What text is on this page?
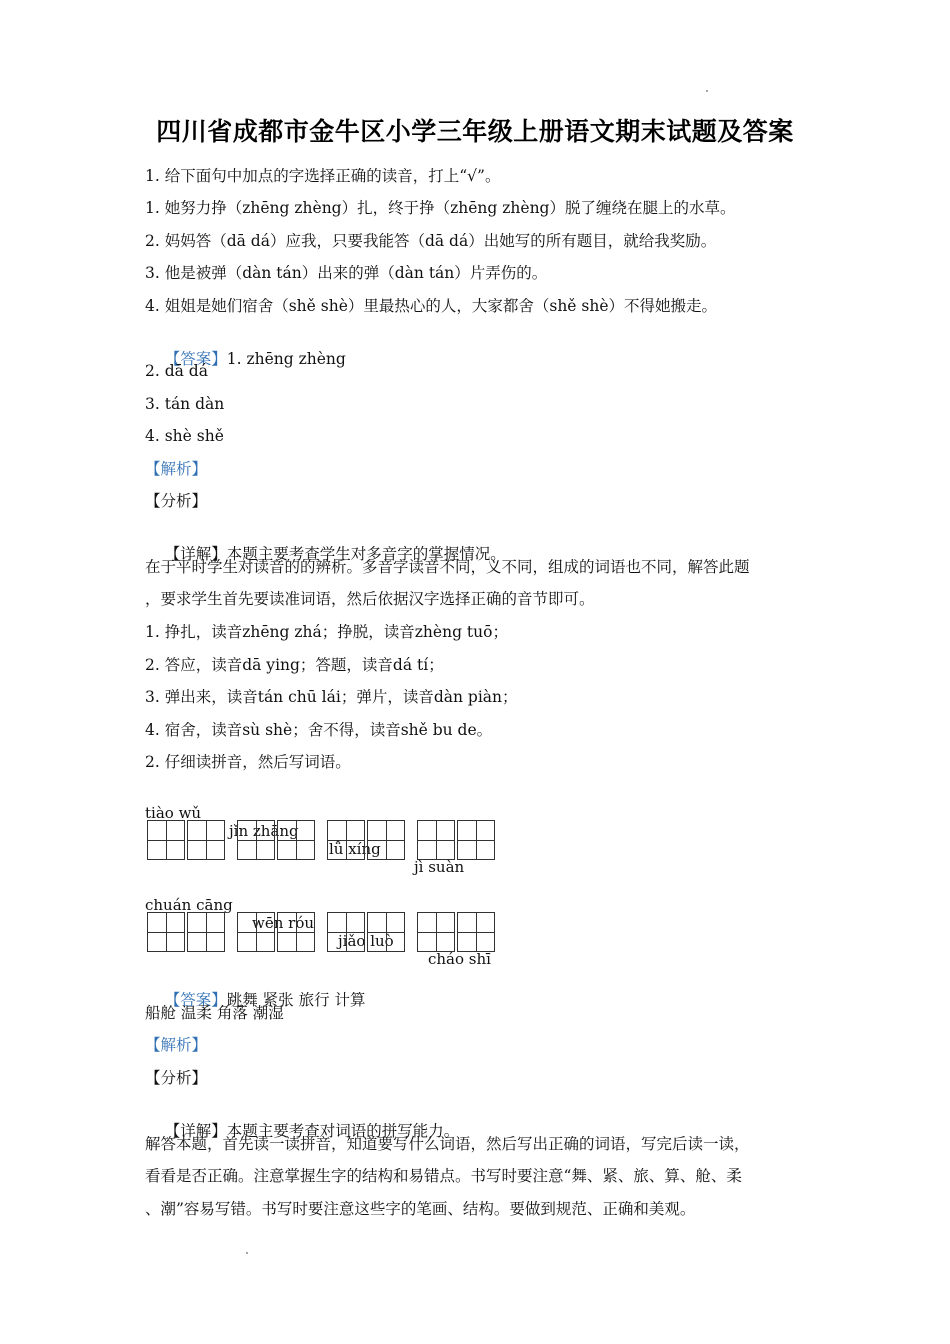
四川省成都市金牛区小学三年级上册语文期末试题及答案
1. 给下面句中加点的字选择正确的读音，打上“√”。
1. 她努力挣（zhēng zhèng）扎，终于挣（zhēng zhèng）脱了缠绕在腿上的水草。
2. 妈妈答（dā dá）应我，只要我能答（dā dá）出她写的所有题目，就给我奖励。
3. 他是被弹（dàn tán）出来的弹（dàn tán）片弄伤的。
4. 姐姐是她们宿舍（shě shè）里最热心的人，大家都舍（shě shè）不得她搬走。

【答案】1. zhēng zhèng

2. dā dá
3. tán dàn
4. shè shě
【解析】
【分析】

【详解】本题主要考查学生对多音字的掌握情况。

在于平时学生对读音的的辨析。多音字读音不同，义不同，组成的词语也不同，解答此题
，要求学生首先要读准词语，然后依据汉字选择正确的音节即可。
1. 挣扎，读音zhēng zhá；挣脱，读音zhèng tuō；
2. 答应，读音dā ying；答题，读音dá tí；
3. 弹出来，读音tán chū lái；弹片，读音dàn piàn；
4. 宿舍，读音sù shè；舍不得，读音shě bu de。
2. 仔细读拼音，然后写词语。

tiào wǔ

jǐn zhāng

lǚ xíng

jì suàn

chuán cāng

wēn róu

jiǎo luò

cháo shī

【答案】跳舞 紧张 旅行 计算

船舱 温柔 角落 潮湿
【解析】
【分析】

【详解】本题主要考查对词语的拼写能力。

解答本题，首先读一读拼音，知道要写什么词语，然后写出正确的词语，写完后读一读，
看看是否正确。注意掌握生字的结构和易错点。书写时要注意“舞、紧、旅、算、舱、柔
、潮”容易写错。书写时要注意这些字的笔画、结构。要做到规范、正确和美观。
